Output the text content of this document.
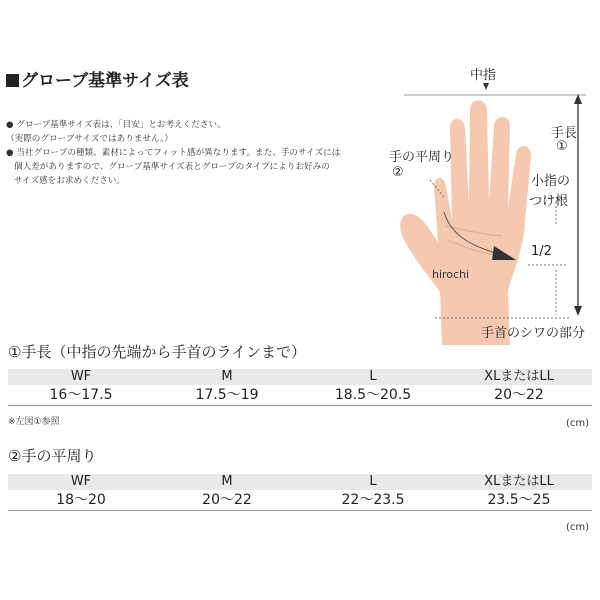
グローブ基準サイズ表

● グローブ基準サイズ表は、「目安」とお考えください。

（実際のグローブサイズではありません。）

● 当社グローブの種類、素材によってフィット感が異なります。また、手のサイズには

個人差がありますので、グローブ基準サイズ表とグローブのタイプによりお好みの

サイズ感をお求めください。

中指
手長
①
手の平周り
②
小指の
つけ根
1/2
hirochi
手首のシワの部分
①手長（中指の先端から手首のラインまで）
WF	M	L	XLまたはLL
16〜17.5	17.5〜19	18.5〜20.5	20〜22
※左図①参照	(cm)
②手の平周り
WF	M	L	XLまたはLL
18〜20	20〜22	22〜23.5	23.5〜25
(cm)
